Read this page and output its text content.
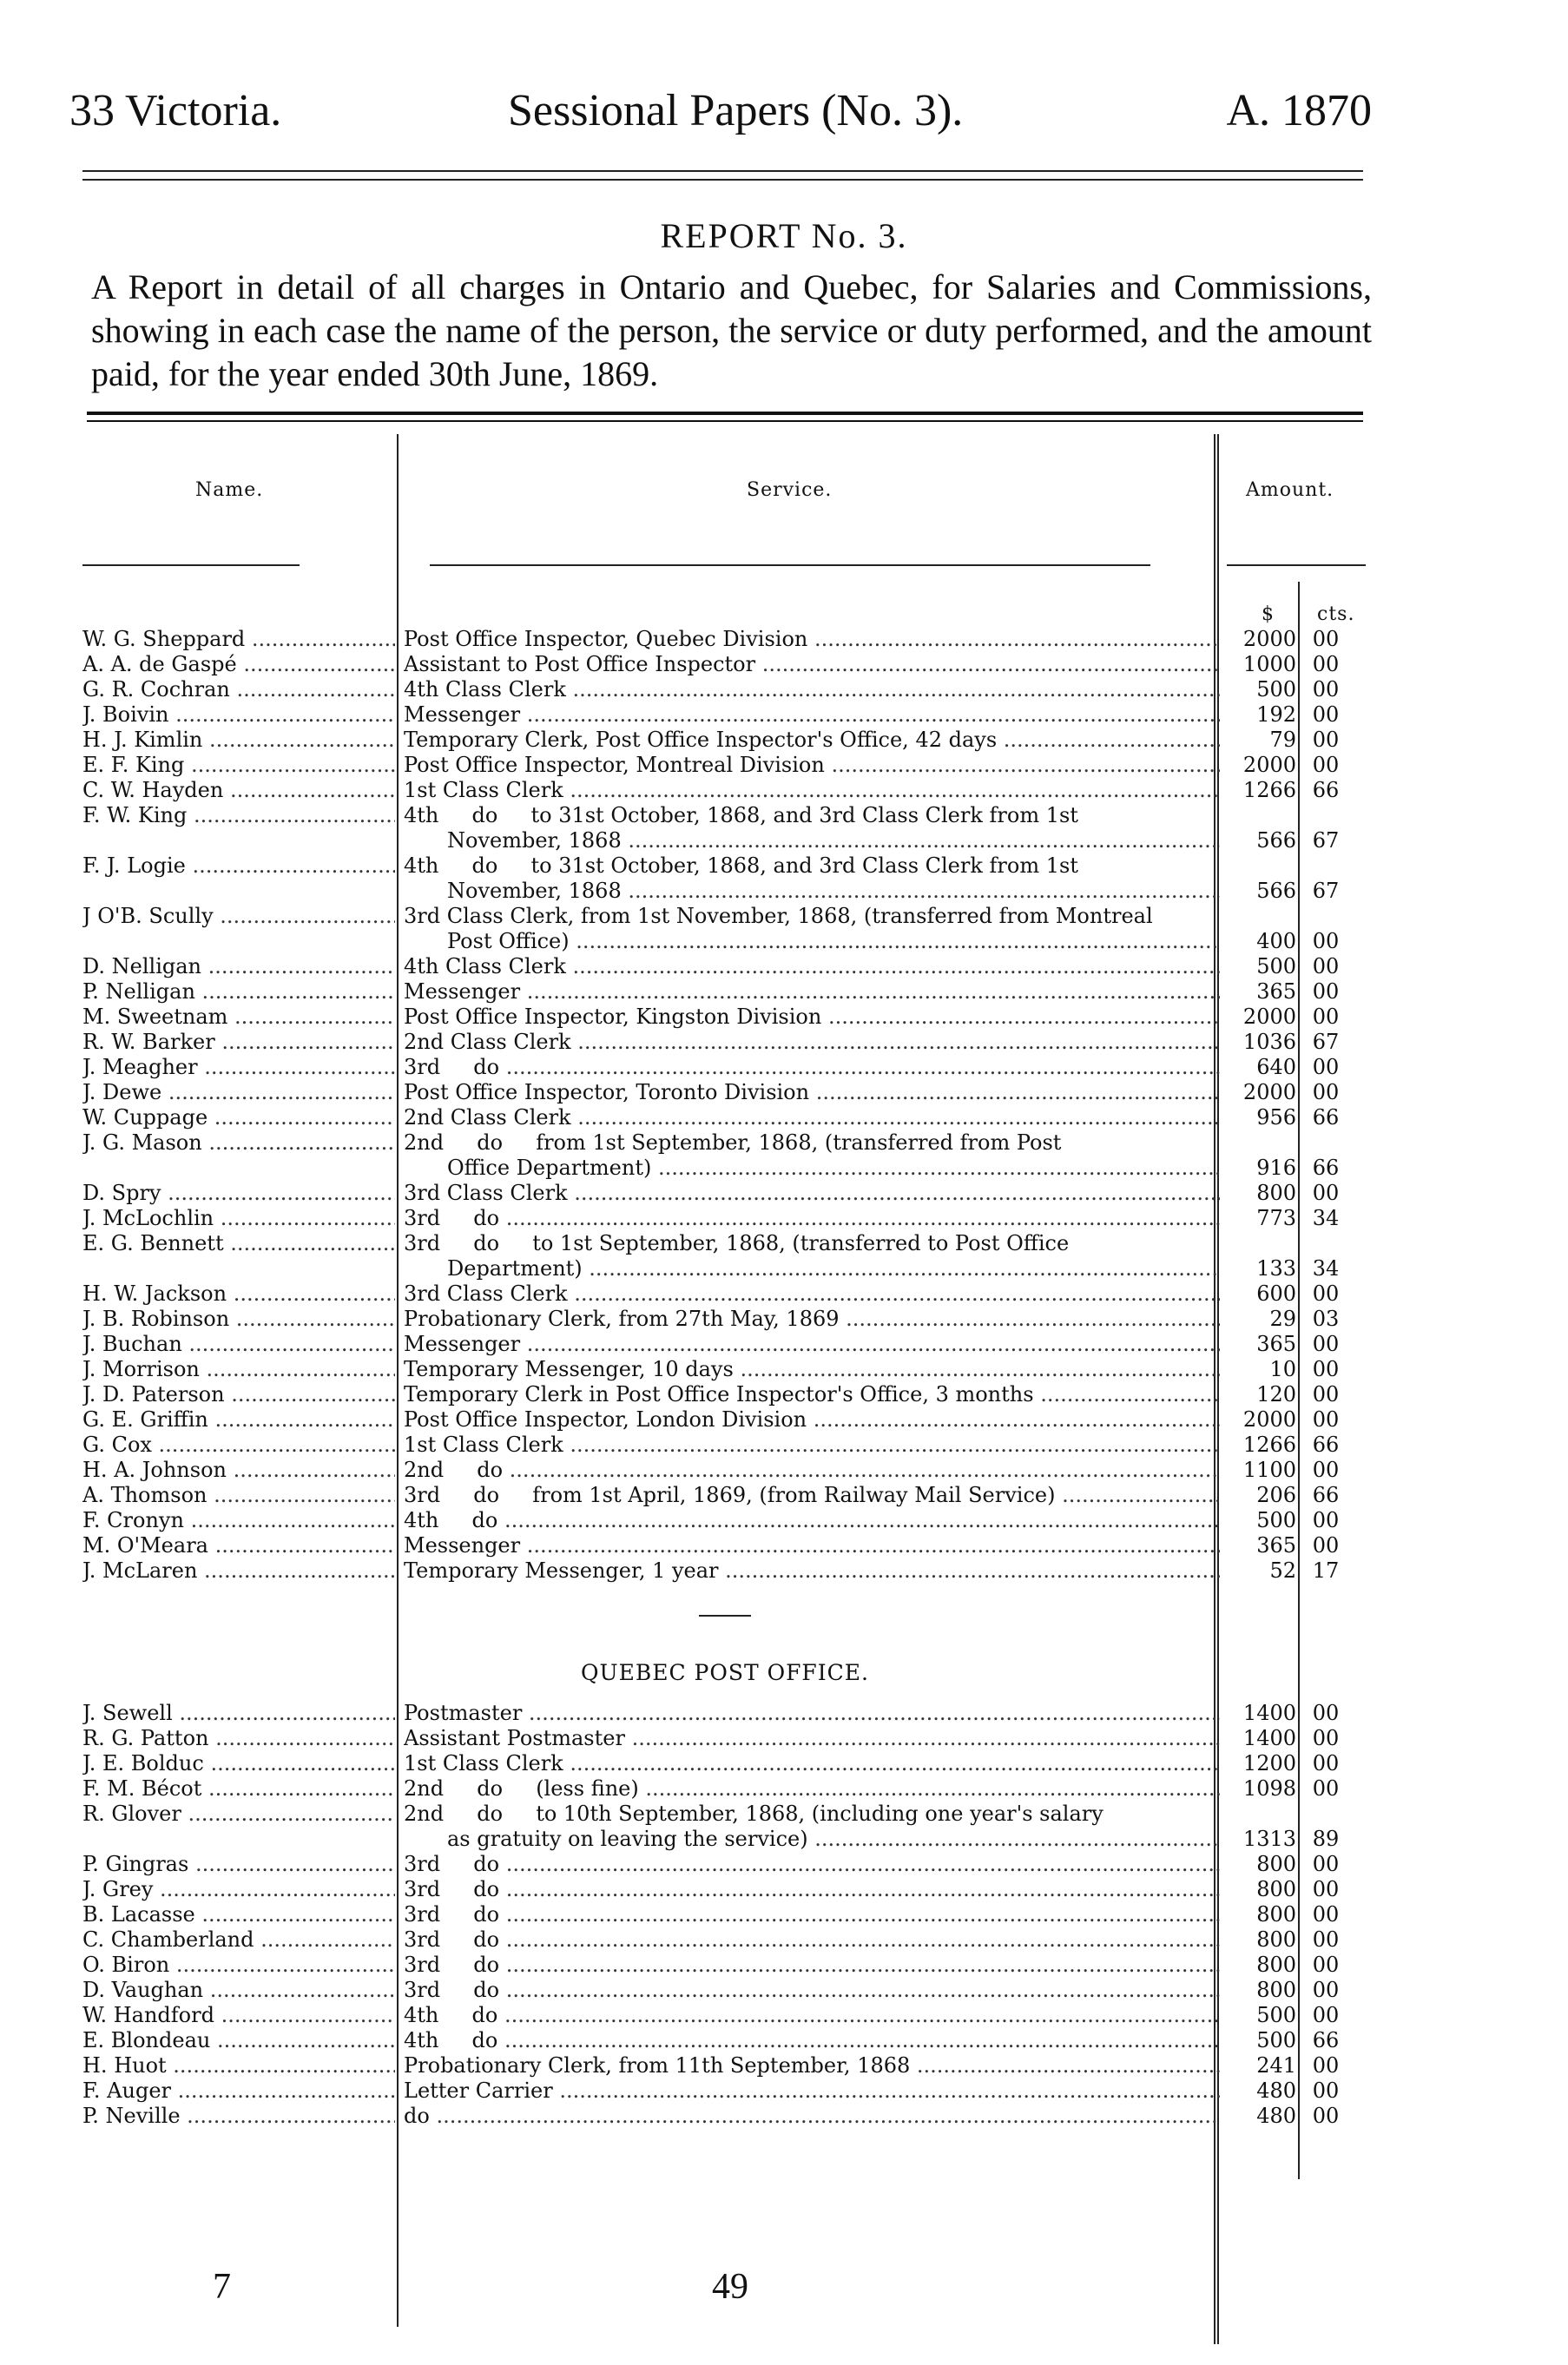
33 Victoria.	Sessional Papers (No. 3).	A. 1870
REPORT No. 3.
A Report in detail of all charges in Ontario and Quebec, for Salaries and Commissions, showing in each case the name of the person, the service or duty performed, and the amount paid, for the year ended 30th June, 1869.
Name.	Service.	Amount.
$ cts.
W. G. Sheppard .....	Post Office Inspector, Quebec Division .....	2000 00
A. A. de Gaspé .....	Assistant to Post Office Inspector .....	1000 00
G. R. Cochran .....	4th Class Clerk .....	500 00
J. Boivin .....	Messenger .....	192 00
H. J. Kimlin .....	Temporary Clerk, Post Office Inspector's Office, 42 days .....	79 00
E. F. King .....	Post Office Inspector, Montreal Division .....	2000 00
C. W. Hayden .....	1st Class Clerk .....	1266 66
F. W. King .....	4th     do     to 31st October, 1868, and 3rd Class Clerk from 1st
November, 1868 .....	566 67
F. J. Logie .....	4th     do     to 31st October, 1868, and 3rd Class Clerk from 1st
November, 1868 .....	566 67
J O'B. Scully .....	3rd Class Clerk, from 1st November, 1868, (transferred from Montreal
Post Office) .....	400 00
D. Nelligan .....	4th Class Clerk .....	500 00
P. Nelligan .....	Messenger .....	365 00
M. Sweetnam .....	Post Office Inspector, Kingston Division .....	2000 00
R. W. Barker .....	2nd Class Clerk .....	1036 67
J. Meagher .....	3rd     do .....	640 00
J. Dewe .....	Post Office Inspector, Toronto Division .....	2000 00
W. Cuppage .....	2nd Class Clerk .....	956 66
J. G. Mason .....	2nd     do     from 1st September, 1868, (transferred from Post
Office Department) .....	916 66
D. Spry .....	3rd Class Clerk .....	800 00
J. McLochlin .....	3rd     do .....	773 34
E. G. Bennett .....	3rd     do     to 1st September, 1868, (transferred to Post Office
Department) .....	133 34
H. W. Jackson .....	3rd Class Clerk .....	600 00
J. B. Robinson .....	Probationary Clerk, from 27th May, 1869 .....	29 03
J. Buchan .....	Messenger .....	365 00
J. Morrison .....	Temporary Messenger, 10 days .....	10 00
J. D. Paterson .....	Temporary Clerk in Post Office Inspector's Office, 3 months .....	120 00
G. E. Griffin .....	Post Office Inspector, London Division .....	2000 00
G. Cox .....	1st Class Clerk .....	1266 66
H. A. Johnson .....	2nd     do .....	1100 00
A. Thomson .....	3rd     do     from 1st April, 1869, (from Railway Mail Service) .....	206 66
F. Cronyn .....	4th     do .....	500 00
M. O'Meara .....	Messenger .....	365 00
J. McLaren .....	Temporary Messenger, 1 year .....	52 17
QUEBEC POST OFFICE.
J. Sewell .....	Postmaster .....	1400 00
R. G. Patton .....	Assistant Postmaster .....	1400 00
J. E. Bolduc .....	1st Class Clerk .....	1200 00
F. M. Bécot .....	2nd     do     (less fine) .....	1098 00
R. Glover .....	2nd     do     to 10th September, 1868, (including one year's salary
as gratuity on leaving the service) .....	1313 89
P. Gingras .....	3rd     do .....	800 00
J. Grey .....	3rd     do .....	800 00
B. Lacasse .....	3rd     do .....	800 00
C. Chamberland .....	3rd     do .....	800 00
O. Biron .....	3rd     do .....	800 00
D. Vaughan .....	3rd     do .....	800 00
W. Handford .....	4th     do .....	500 00
E. Blondeau .....	4th     do .....	500 66
H. Huot .....	Probationary Clerk, from 11th September, 1868 .....	241 00
F. Auger .....	Letter Carrier .....	480 00
P. Neville .....	do .....	480 00
7	49
